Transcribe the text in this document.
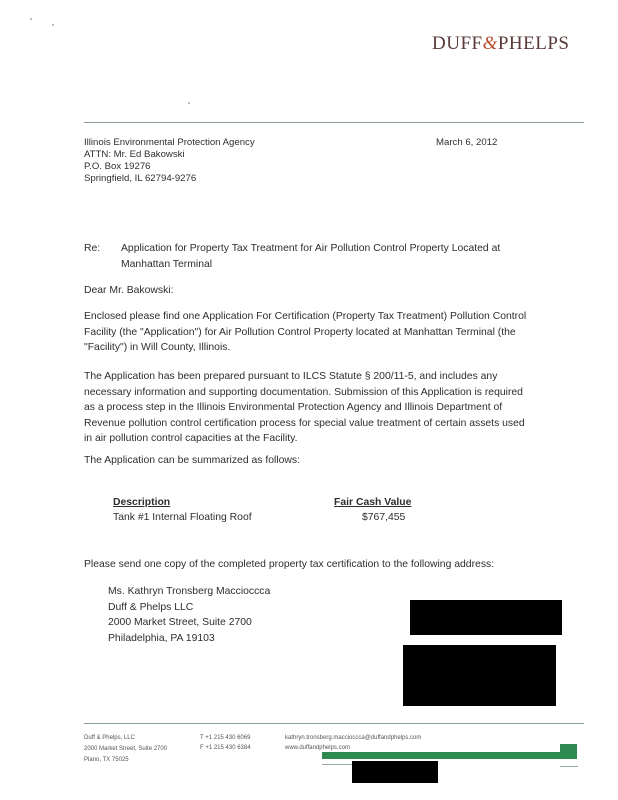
DUFF&PHELPS
Illinois Environmental Protection Agency
ATTN: Mr. Ed Bakowski
P.O. Box 19276
Springfield, IL 62794-9276
March 6, 2012
Re:	Application for Property Tax Treatment for Air Pollution Control Property Located at
Manhattan Terminal
Dear Mr. Bakowski:
Enclosed please find one Application For Certification (Property Tax Treatment) Pollution Control
Facility (the "Application") for Air Pollution Control Property located at Manhattan Terminal (the
"Facility") in Will County, Illinois.
The Application has been prepared pursuant to ILCS Statute § 200/11-5, and includes any
necessary information and supporting documentation. Submission of this Application is required
as a process step in the Illinois Environmental Protection Agency and Illinois Department of
Revenue pollution control certification process for special value treatment of certain assets used
in air pollution control capacities at the Facility.
The Application can be summarized as follows:
Description	Fair Cash Value
Tank #1 Internal Floating Roof	$767,455
Please send one copy of the completed property tax certification to the following address:
Ms. Kathryn Tronsberg Maccioccca
Duff & Phelps LLC
2000 Market Street, Suite 2700
Philadelphia, PA 19103
Duff & Phelps, LLC
2000 Market Street, Suite 2700
Plano, TX 75025
T +1 215 430 6069
F +1 215 430 6384
kathryn.tronsberg.maccioccca@duffandphelps.com
www.duffandphelps.com
